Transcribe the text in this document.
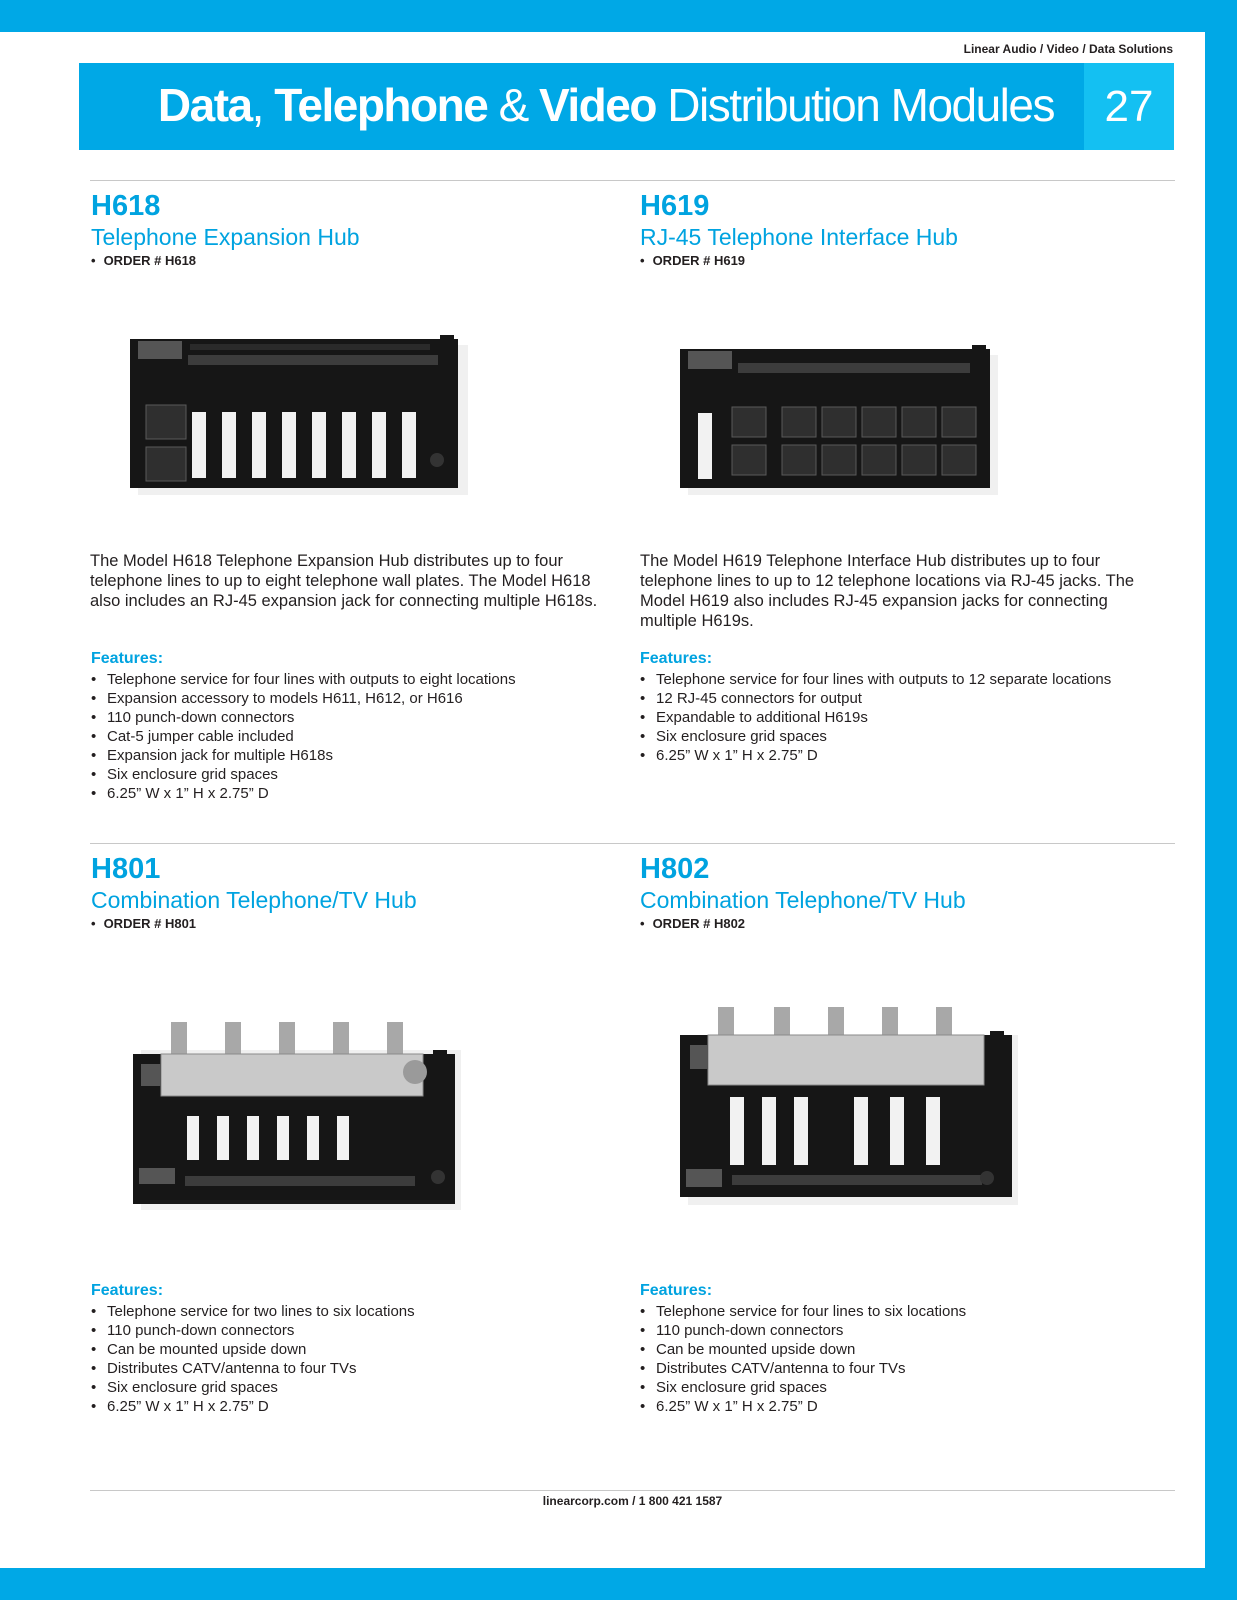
Linear Audio / Video / Data Solutions
Data, Telephone & Video Distribution Modules	27
H618
Telephone Expansion Hub
• ORDER # H618
The Model H618 Telephone Expansion Hub distributes up to four telephone lines to up to eight telephone wall plates. The Model H618 also includes an RJ-45 expansion jack for connecting multiple H618s.
Features:
• Telephone service for four lines with outputs to eight locations
• Expansion accessory to models H611, H612, or H616
• 110 punch-down connectors
• Cat-5 jumper cable included
• Expansion jack for multiple H618s
• Six enclosure grid spaces
• 6.25” W x 1” H x 2.75” D
H619
RJ-45 Telephone Interface Hub
• ORDER # H619
The Model H619 Telephone Interface Hub distributes up to four telephone lines to up to 12 telephone locations via RJ-45 jacks. The Model H619 also includes RJ-45 expansion jacks for connecting multiple H619s.
Features:
• Telephone service for four lines with outputs to 12 separate locations
• 12 RJ-45 connectors for output
• Expandable to additional H619s
• Six enclosure grid spaces
• 6.25” W x 1” H x 2.75” D
H801
Combination Telephone/TV Hub
• ORDER # H801
Features:
• Telephone service for two lines to six locations
• 110 punch-down connectors
• Can be mounted upside down
• Distributes CATV/antenna to four TVs
• Six enclosure grid spaces
• 6.25” W x 1” H x 2.75” D
H802
Combination Telephone/TV Hub
• ORDER # H802
Features:
• Telephone service for four lines to six locations
• 110 punch-down connectors
• Can be mounted upside down
• Distributes CATV/antenna to four TVs
• Six enclosure grid spaces
• 6.25” W x 1” H x 2.75” D
linearcorp.com / 1 800 421 1587
